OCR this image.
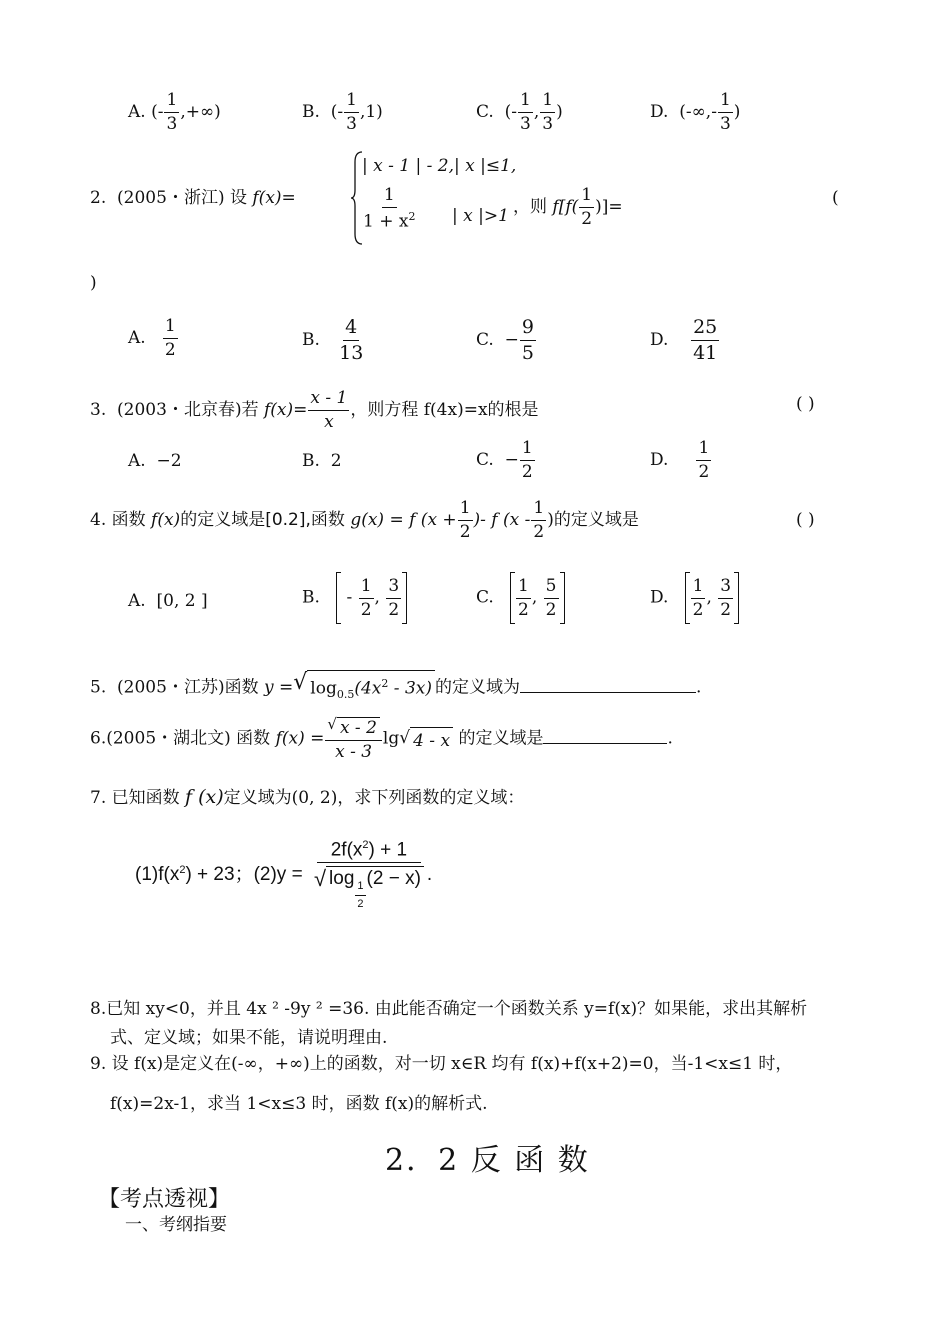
A. (- $\frac{1}{3}$ ,+∞)	B. (- $\frac{1}{3} ,1$)	C. (- $\frac{1}{3}$ , $\frac{1}{3}$ )	D. (-∞,- $\frac{1}{3}$ )
2. (2005・浙江) 设 f(x)=
| x - 1 | - 2,| x |≤1,
$\frac{1}{1 + x^2}$ | x |>1 ，则 $f[f( \frac{1}{2}$ )]=	(
)
A. $\frac{1}{2}$	B. $\frac{4}{13}$	C. − $\frac{9}{5}$	D. $\frac{25}{41}$
3. (2003・北京春)若 $f(x)= \frac{x - 1}{x}$ ，则方程 f(4x)=x的根是	( )
A. −2	B. 2	C. − $\frac{1}{2}$	D. $\frac{1}{2}$
4. 函数 f(x)的定义域是[0.2],函数 g(x) = f ($x + \frac{1}{2}$ )- f ($x - \frac{1}{2}$ )的定义域是	( )
A. [0, 2 ]	B. - $\frac{1}{2}$ , $\frac{3}{2}$	C. $\frac{1}{2}$ , $\frac{5}{2}$	D. $\frac{1}{2}$ , $\frac{3}{2}$
5. (2005・江苏)函数 y = √ $\log_{0.5}(4x^2 - 3x)$ 的定义域为	.
6.(2005・湖北文) 函数 $f(x) = \frac{√ x - 2}{x - 3}$ lg √ 4 - x 的定义域是	.
7. 已知函数 f (x)定义域为(0, 2)，求下列函数的定义域：
$(1)f(x^2) + 23$；$(2)y = 2f(x^2) + 1$
√ log
$\frac{1}{2}$
(2 − x) .
8.已知 xy<0，并且 4x ² -9y ² =36. 由此能否确定一个函数关系 y=f(x)？如果能，求出其解析
式、定义域；如果不能，请说明理由.
9. 设 f(x)是定义在(-∞，+∞)上的函数，对一切 x∈R 均有 f(x)+f(x+2)=0，当-1<x≤1 时，
f(x)=2x-1，求当 1<x≤3 时，函数 f(x)的解析式.
2．2 反 函 数
【考点透视】
一、考纲指要
